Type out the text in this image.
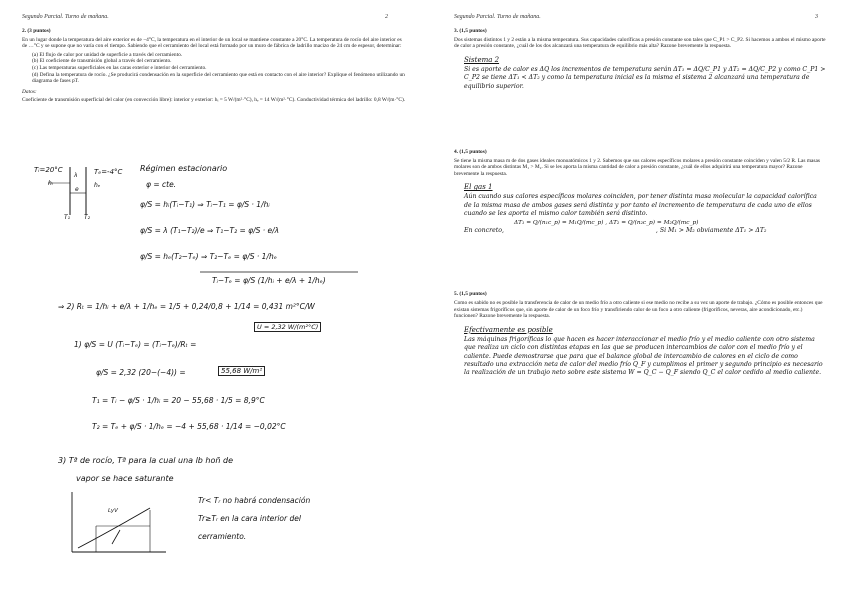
Segundo Parcial. Turno de mañana.	2
2. (3 puntos)
En un lugar donde la temperatura del aire exterior es de −4°C, la temperatura en el interior de un local se mantiene constante a 20°C. La temperatura de rocío del aire interior es de …°C y se supone que no varía con el tiempo. Sabiendo que el cerramiento del local está formado por un muro de fábrica de ladrillo macizo de 24 cm de espesor, determinar:
(a) El flujo de calor por unidad de superficie a través del cerramiento.
(b) El coeficiente de transmisión global a través del cerramiento.
(c) Las temperaturas superficiales en las caras exterior e interior del cerramiento.
(d) Defina la temperatura de rocío. ¿Se producirá condensación en la superficie del cerramiento que está en contacto con el aire interior? Explique el fenómeno utilizando un diagrama de fases pT.
Datos:
Coeficiente de transmisión superficial del calor (en convección libre): interior y exterior: hᵢ = 5 W/(m²·°C), hₑ = 14 W/(m²·°C). Conductividad térmica del ladrillo: 0,8 W/(m·°C).
Tᵢ=20°C
hᵢ
λ
e
Tₑ=-4°C
hₑ
T₁ T₂
Régimen estacionario
φ = cte.
φ/S = hᵢ(Tᵢ−T₁) ⇒ Tᵢ−T₁ = φ/S · 1/hᵢ
φ/S = λ (T₁−T₂)/e ⇒ T₁−T₂ = φ/S · e/λ
φ/S = hₑ(T₂−Tₑ) ⇒ T₂−Tₑ = φ/S · 1/hₑ
Tᵢ−Tₑ = φ/S (1/hᵢ + e/λ + 1/hₑ)
⇒ 2) Rₜ = 1/hᵢ + e/λ + 1/hₑ = 1/5 + 0,24/0,8 + 1/14 = 0,431 m²°C/W
U = 2,32 W/(m²°C)
1) φ/S = U (Tᵢ−Tₑ) = (Tᵢ−Tₑ)/Rₜ =
φ/S = 2,32 (20−(−4)) =	55,68 W/m²
T₁ = Tᵢ − φ/S · 1/hᵢ = 20 − 55,68 · 1/5 = 8,9°C
T₂ = Tₑ + φ/S · 1/hₑ = −4 + 55,68 · 1/14 = −0,02°C
3) Tª de rocío, Tª para la cual una lb hoñ de
vapor se hace saturante
LyV
Tr< Tᵣ no habrá condensación
Tr≥Tᵣ en la cara interior del
cerramiento.
Segundo Parcial. Turno de mañana.	3
3. (1,5 puntos)
Dos sistemas distintos 1 y 2 están a la misma temperatura. Sus capacidades caloríficas a presión constante son tales que C_P1 > C_P2. Si hacemos a ambos el mismo aporte de calor a presión constante, ¿cuál de los dos alcanzará una temperatura de equilibrio más alta? Razone brevemente la respuesta.
Sistema 2
Si es aporte de calor es ΔQ los incrementos de temperatura serán ΔT₁ = ΔQ/C_P1 y ΔT₂ = ΔQ/C_P2 y como C_P1 > C_P2 se tiene ΔT₁ < ΔT₂ y como la temperatura inicial es la misma el sistema 2 alcanzará una temperatura de equilibrio superior.
4. (1,5 puntos)
Se tiene la misma masa m de dos gases ideales monoatómicos 1 y 2. Sabemos que sus calores específicos molares a presión constante coinciden y valen 5/2 R. Las masas molares son de ambos distintas M₁ > M₂. Si se les aporta la misma cantidad de calor a presión constante, ¿cuál de ellos adquirirá una temperatura mayor? Razone brevemente la respuesta.
El gas 1
Aún cuando sus calores específicos molares coinciden, por tener distinta masa molecular la capacidad calorífica de la misma masa de ambos gases será distinta y por tanto el incremento de temperatura de cada uno de ellos cuando se les aporta el mismo calor también será distinto.
ΔT₁ = Q/(n₁c_p) = M₁Q/(mc_p) , ΔT₂ = Q/(n₂c_p) = M₂Q/(mc_p)
En concreto,	, Si M₁ > M₂ obviamente ΔT₁ > ΔT₂
5. (1,5 puntos)
Como es sabido no es posible la transferencia de calor de un medio frío a otro caliente si ese medio no recibe a su vez un aporte de trabajo. ¿Cómo es posible entonces que existan sistemas frigoríficos que, sin aporte de calor de un foco frío y transfiriendo calor de un foco a otro caliente (frigoríficos, neveras, aire acondicionado, etc.) funcionen? Razone brevemente la respuesta.
Efectivamente es posible
Las máquinas frigoríficas lo que hacen es hacer interaccionar el medio frío y el medio caliente con otro sistema que realiza un ciclo con distintas etapas en las que se producen intercambios de calor con el medio frío y el caliente. Puede demostrarse que para que el balance global de intercambio de calores en el ciclo de como resultado una extracción neta de calor del medio frío Q_F y cumplimos el primer y segundo principio es necesario la realización de un trabajo neto sobre este sistema W = Q_C − Q_F siendo Q_C el calor cedido al medio caliente.
